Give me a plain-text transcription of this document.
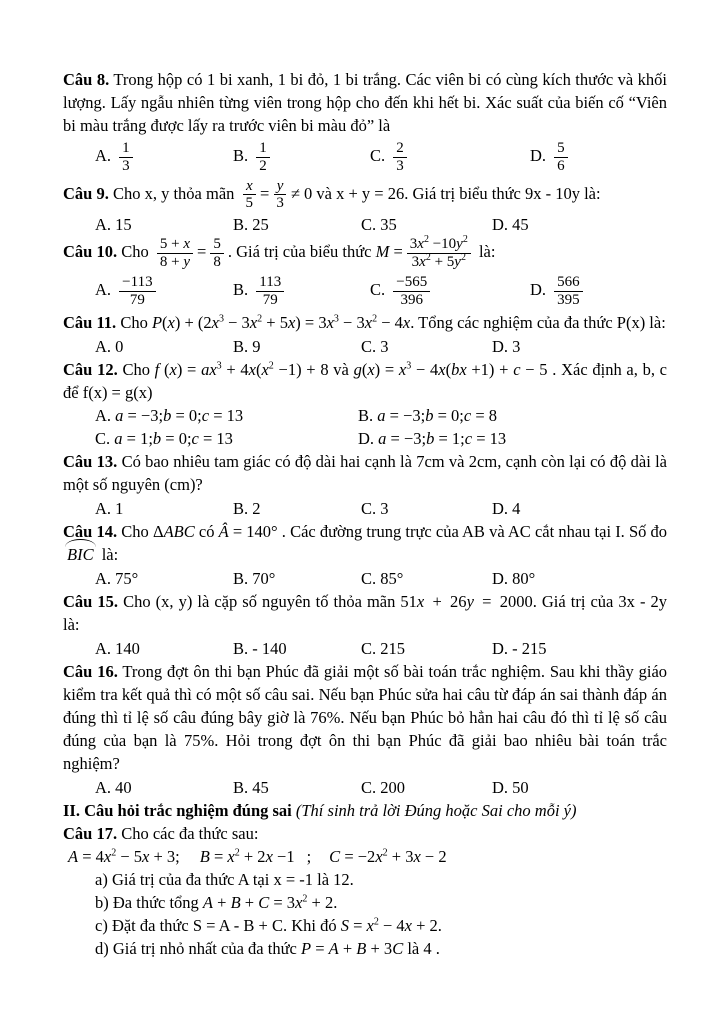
Câu 8. Trong hộp có 1 bi xanh, 1 bi đỏ, 1 bi trắng. Các viên bi có cùng kích thước và khối lượng. Lấy ngẫu nhiên từng viên trong hộp cho đến khi hết bi. Xác suất của biến cố “Viên bi màu trắng được lấy ra trước viên bi màu đỏ” là

A. $\frac{1}{3}$	B. $\frac{1}{2}$	C. $\frac{2}{3}$	D. $\frac{5}{6}$

Câu 9. Cho x, y thỏa mãn $\frac{x}{5} = \frac{y}{3} \ne 0$ và x + y = 26. Giá trị biểu thức 9x - 10y là:

A. 15	B. 25	C. 35	D. 45

Câu 10. Cho $\frac{5 + x}{8 + y} = \frac{5}{8}$ . Giá trị của biểu thức $M = \frac{3x^2 -10y^2}{3x^2 + 5y^2}$ là:

A. $\frac{-113}{79}$	B. $\frac{113}{79}$	C. $\frac{-565}{396}$	D. $\frac{566}{395}$

Câu 11. Cho $P(x) + (2x^3 - 3x^2 + 5x) = 3x^3 - 3x^2 - 4x$. Tổng các nghiệm của đa thức P(x) là:

A. 0	B. 9	C. 3	D. 3

Câu 12. Cho f $(x) = ax^3 + 4x(x^2 -1) + 8$ và $g(x) = x^3 - 4x(bx +1) + c - 5$ . Xác định a, b, c để f(x) = g(x)

A. a = −3;b = 0;c = 13	B. a = −3;b = 0;c = 8
C. a = 1;b = 0;c = 13	D. a = −3;b = 1;c = 13

Câu 13. Có bao nhiêu tam giác có độ dài hai cạnh là 7cm và 2cm, cạnh còn lại có độ dài là một số nguyên (cm)?

A. 1	B. 2	C. 3	D. 4

Câu 14. Cho ΔABC có Â = 140° . Các đường trung trực của AB và AC cắt nhau tại I. Số đo BIC là:

A. 75°	B. 70°	C. 85°	D. 80°

Câu 15. Cho (x, y) là cặp số nguyên tố thỏa mãn 51x + 26y = 2000. Giá trị của 3x - 2y là:

A. 140	B. - 140	C. 215	D. - 215

Câu 16. Trong đợt ôn thi bạn Phúc đã giải một số bài toán trắc nghiệm. Sau khi thầy giáo kiểm tra kết quả thì có một số câu sai. Nếu bạn Phúc sửa hai câu từ đáp án sai thành đáp án đúng thì tỉ lệ số câu đúng bây giờ là 76%. Nếu bạn Phúc bỏ hẳn hai câu đó thì tỉ lệ số câu đúng của bạn là 75%. Hỏi trong đợt ôn thi bạn Phúc đã giải bao nhiêu bài toán trắc nghiệm?

A. 40	B. 45	C. 200	D. 50

II. Câu hỏi trắc nghiệm đúng sai (Thí sinh trả lời Đúng hoặc Sai cho mỗi ý)

Câu 17. Cho các đa thức sau:

$A = 4x^2 - 5x + 3$; $B = x^2 + 2x -1$ ; $C = -2x^2 + 3x - 2$

a) Giá trị của đa thức A tại x = -1 là 12.

b) Đa thức tổng $A + B + C = 3x^2 + 2$.

c) Đặt đa thức S = A - B + C. Khi đó $S = x^2 - 4x + 2$.

d) Giá trị nhỏ nhất của đa thức P = A + B + 3C là 4 .
